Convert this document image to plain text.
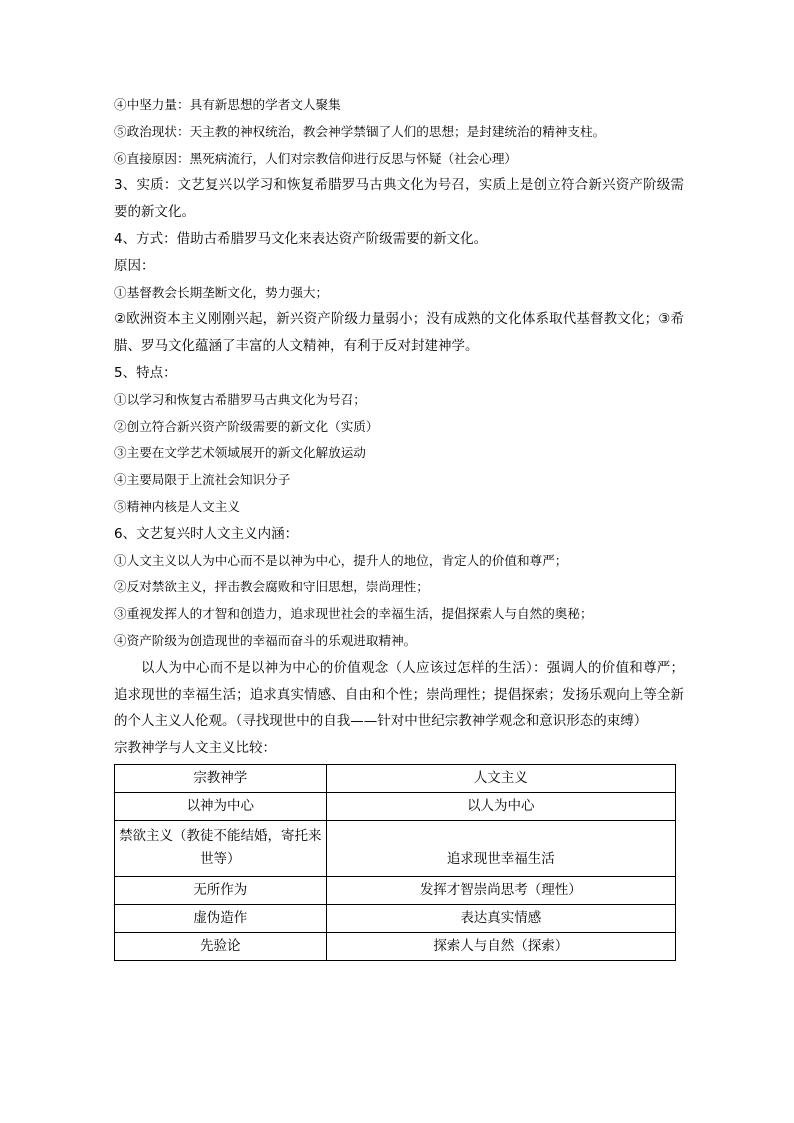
④中坚力量：具有新思想的学者文人聚集

⑤政治现状：天主教的神权统治，教会神学禁锢了人们的思想；是封建统治的精神支柱。

⑥直接原因：黑死病流行，人们对宗教信仰进行反思与怀疑（社会心理）

3、实质：文艺复兴以学习和恢复希腊罗马古典文化为号召，实质上是创立符合新兴资产阶级需要的新文化。

4、方式：借助古希腊罗马文化来表达资产阶级需要的新文化。

原因：

①基督教会长期垄断文化，势力强大；

②欧洲资本主义刚刚兴起，新兴资产阶级力量弱小；没有成熟的文化体系取代基督教文化；③希腊、罗马文化蕴涵了丰富的人文精神，有利于反对封建神学。

5、特点：

①以学习和恢复古希腊罗马古典文化为号召；

②创立符合新兴资产阶级需要的新文化（实质）

③主要在文学艺术领域展开的新文化解放运动

④主要局限于上流社会知识分子

⑤精神内核是人文主义

6、文艺复兴时人文主义内涵：

①人文主义以人为中心而不是以神为中心，提升人的地位，肯定人的价值和尊严；

②反对禁欲主义，抨击教会腐败和守旧思想，崇尚理性；

③重视发挥人的才智和创造力，追求现世社会的幸福生活，提倡探索人与自然的奥秘；

④资产阶级为创造现世的幸福而奋斗的乐观进取精神。

以人为中心而不是以神为中心的价值观念（人应该过怎样的生活）：强调人的价值和尊严；追求现世的幸福生活；追求真实情感、自由和个性；崇尚理性；提倡探索；发扬乐观向上等全新的个人主义人伦观。（寻找现世中的自我——针对中世纪宗教神学观念和意识形态的束缚）

宗教神学与人文主义比较：

宗教神学	人文主义
以神为中心	以人为中心
禁欲主义（教徒不能结婚，寄托来世等）	追求现世幸福生活
无所作为	发挥才智崇尚思考（理性）
虚伪造作	表达真实情感
先验论	探索人与自然（探索）
